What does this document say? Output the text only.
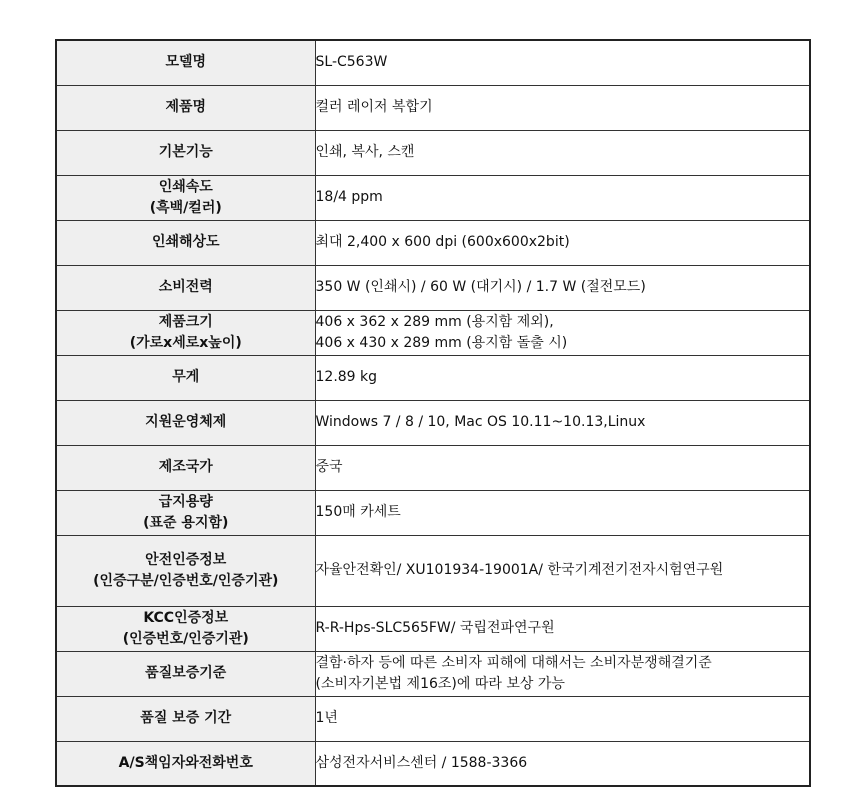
모델명	SL-C563W

제품명	컬러 레이저 복합기

기본기능	인쇄, 복사, 스캔

인쇄속도
(흑백/컬러)	18/4 ppm

인쇄해상도	최대 2,400 x 600 dpi (600x600x2bit)

소비전력	350 W (인쇄시) / 60 W (대기시) / 1.7 W (절전모드)

제품크기
(가로x세로x높이)	406 x 362 x 289 mm (용지함 제외),
406 x 430 x 289 mm (용지함 돌출 시)

무게	12.89 kg

지원운영체제	Windows 7 / 8 / 10, Mac OS 10.11~10.13,Linux

제조국가	중국

급지용량
(표준 용지함)	150매 카세트

안전인증정보
(인증구분/인증번호/인증기관)	자율안전확인/ XU101934-19001A/ 한국기계전기전자시험연구원

KCC인증정보
(인증번호/인증기관)	R-R-Hps-SLC565FW/ 국립전파연구원

품질보증기준	결함·하자 등에 따른 소비자 피해에 대해서는 소비자분쟁해결기준
(소비자기본법 제16조)에 따라 보상 가능

품질 보증 기간	1년

A/S책임자와전화번호	삼성전자서비스센터 / 1588-3366
